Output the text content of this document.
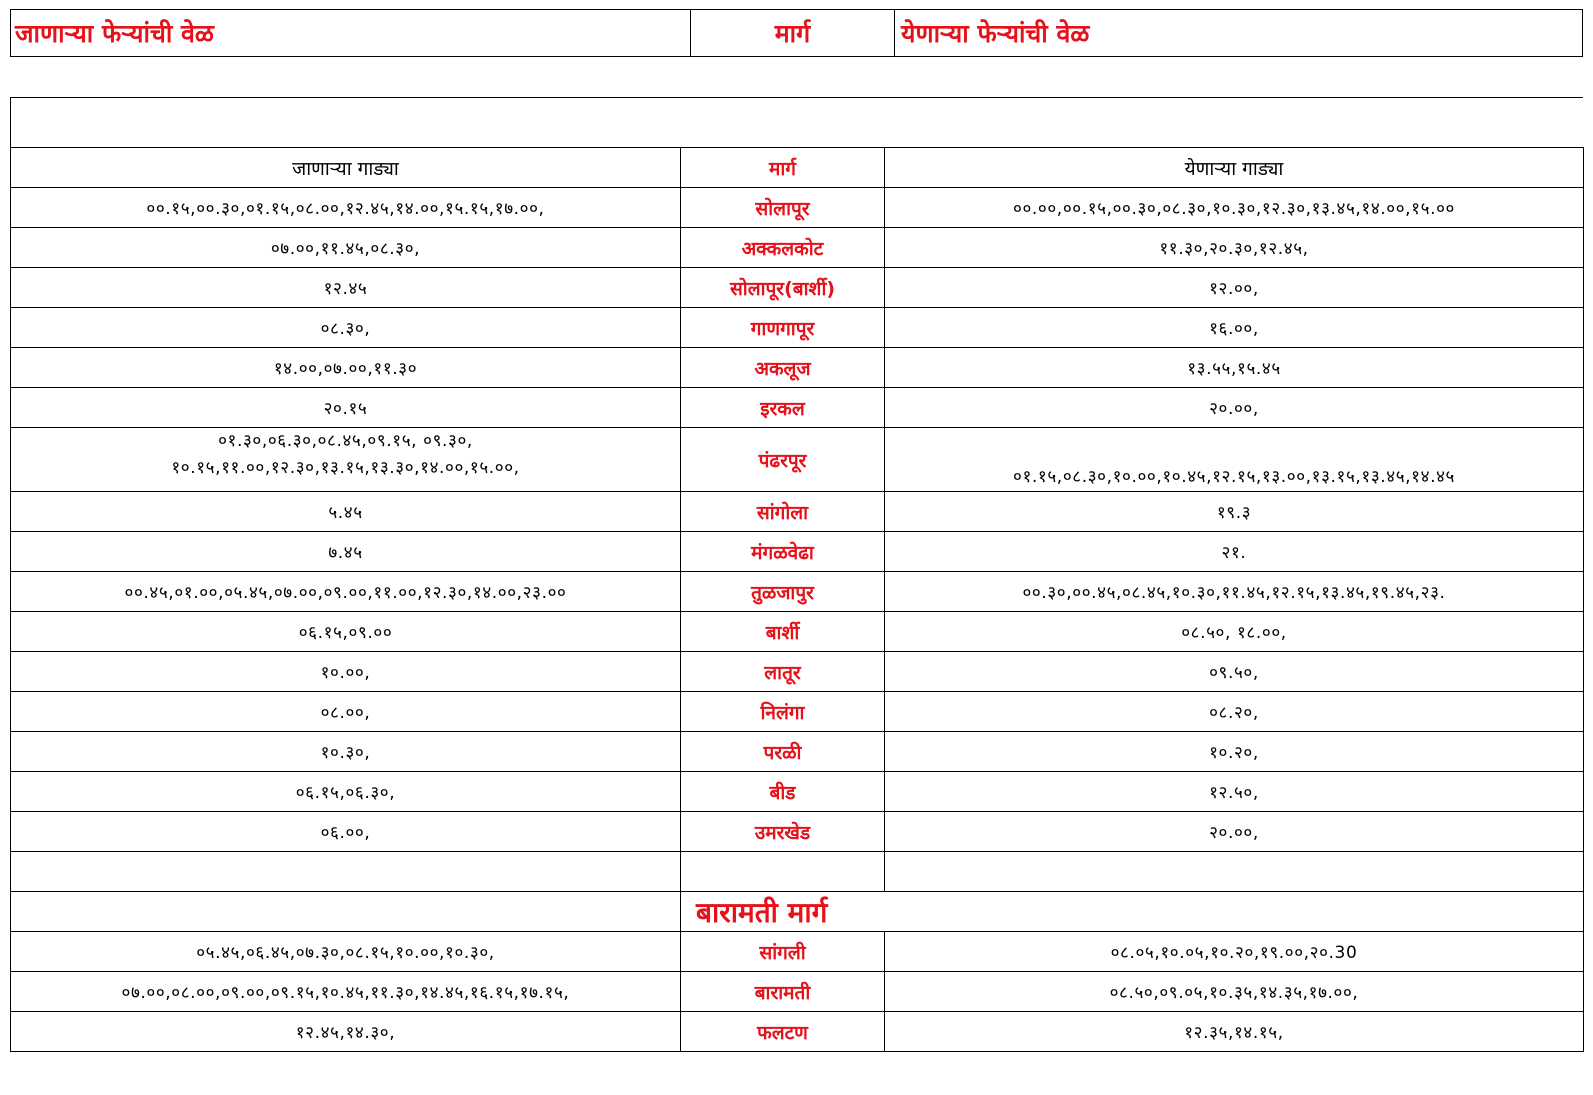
जाणाऱ्या फेऱ्यांची वेळ	मार्ग	येणाऱ्या फेऱ्यांची वेळ
जाणाऱ्या गाड्या	मार्ग	येणाऱ्या गाड्या
००.१५,००.३०,०१.१५,०८.००,१२.४५,१४.००,१५.१५,१७.००,	सोलापूर	००.००,००.१५,००.३०,०८.३०,१०.३०,१२.३०,१३.४५,१४.००,१५.००
०७.००,११.४५,०८.३०,	अक्कलकोट	११.३०,२०.३०,१२.४५,
१२.४५	सोलापूर(बार्शी)	१२.००,
०८.३०,	गाणगापूर	१६.००,
१४.००,०७.००,११.३०	अकलूज	१३.५५,१५.४५
२०.१५	इरकल	२०.००,

०१.३०,०६.३०,०८.४५,०९.१५, ०९.३०,
१०.१५,११.००,१२.३०,१३.१५,१३.३०,१४.००,१५.००,	पंढरपूर	०१.१५,०८.३०,१०.००,१०.४५,१२.१५,१३.००,१३.१५,१३.४५,१४.४५
५.४५	सांगोला	१९.३
७.४५	मंगळवेढा	२१.
००.४५,०१.००,०५.४५,०७.००,०९.००,११.००,१२.३०,१४.००,२३.००	तुळजापुर	००.३०,००.४५,०८.४५,१०.३०,११.४५,१२.१५,१३.४५,१९.४५,२३.
०६.१५,०९.००	बार्शी	०८.५०, १८.००,
१०.००,	लातूर	०९.५०,
०८.००,	निलंगा	०८.२०,
१०.३०,	परळी	१०.२०,
०६.१५,०६.३०,	बीड	१२.५०,
०६.००,	उमरखेड	२०.००,

	बारामती मार्ग	
०५.४५,०६.४५,०७.३०,०८.१५,१०.००,१०.३०,	सांगली	०८.०५,१०.०५,१०.२०,१९.००,२०.30
०७.००,०८.००,०९.००,०९.१५,१०.४५,११.३०,१४.४५,१६.१५,१७.१५,	बारामती	०८.५०,०९.०५,१०.३५,१४.३५,१७.००,
१२.४५,१४.३०,	फलटण	१२.३५,१४.१५,
